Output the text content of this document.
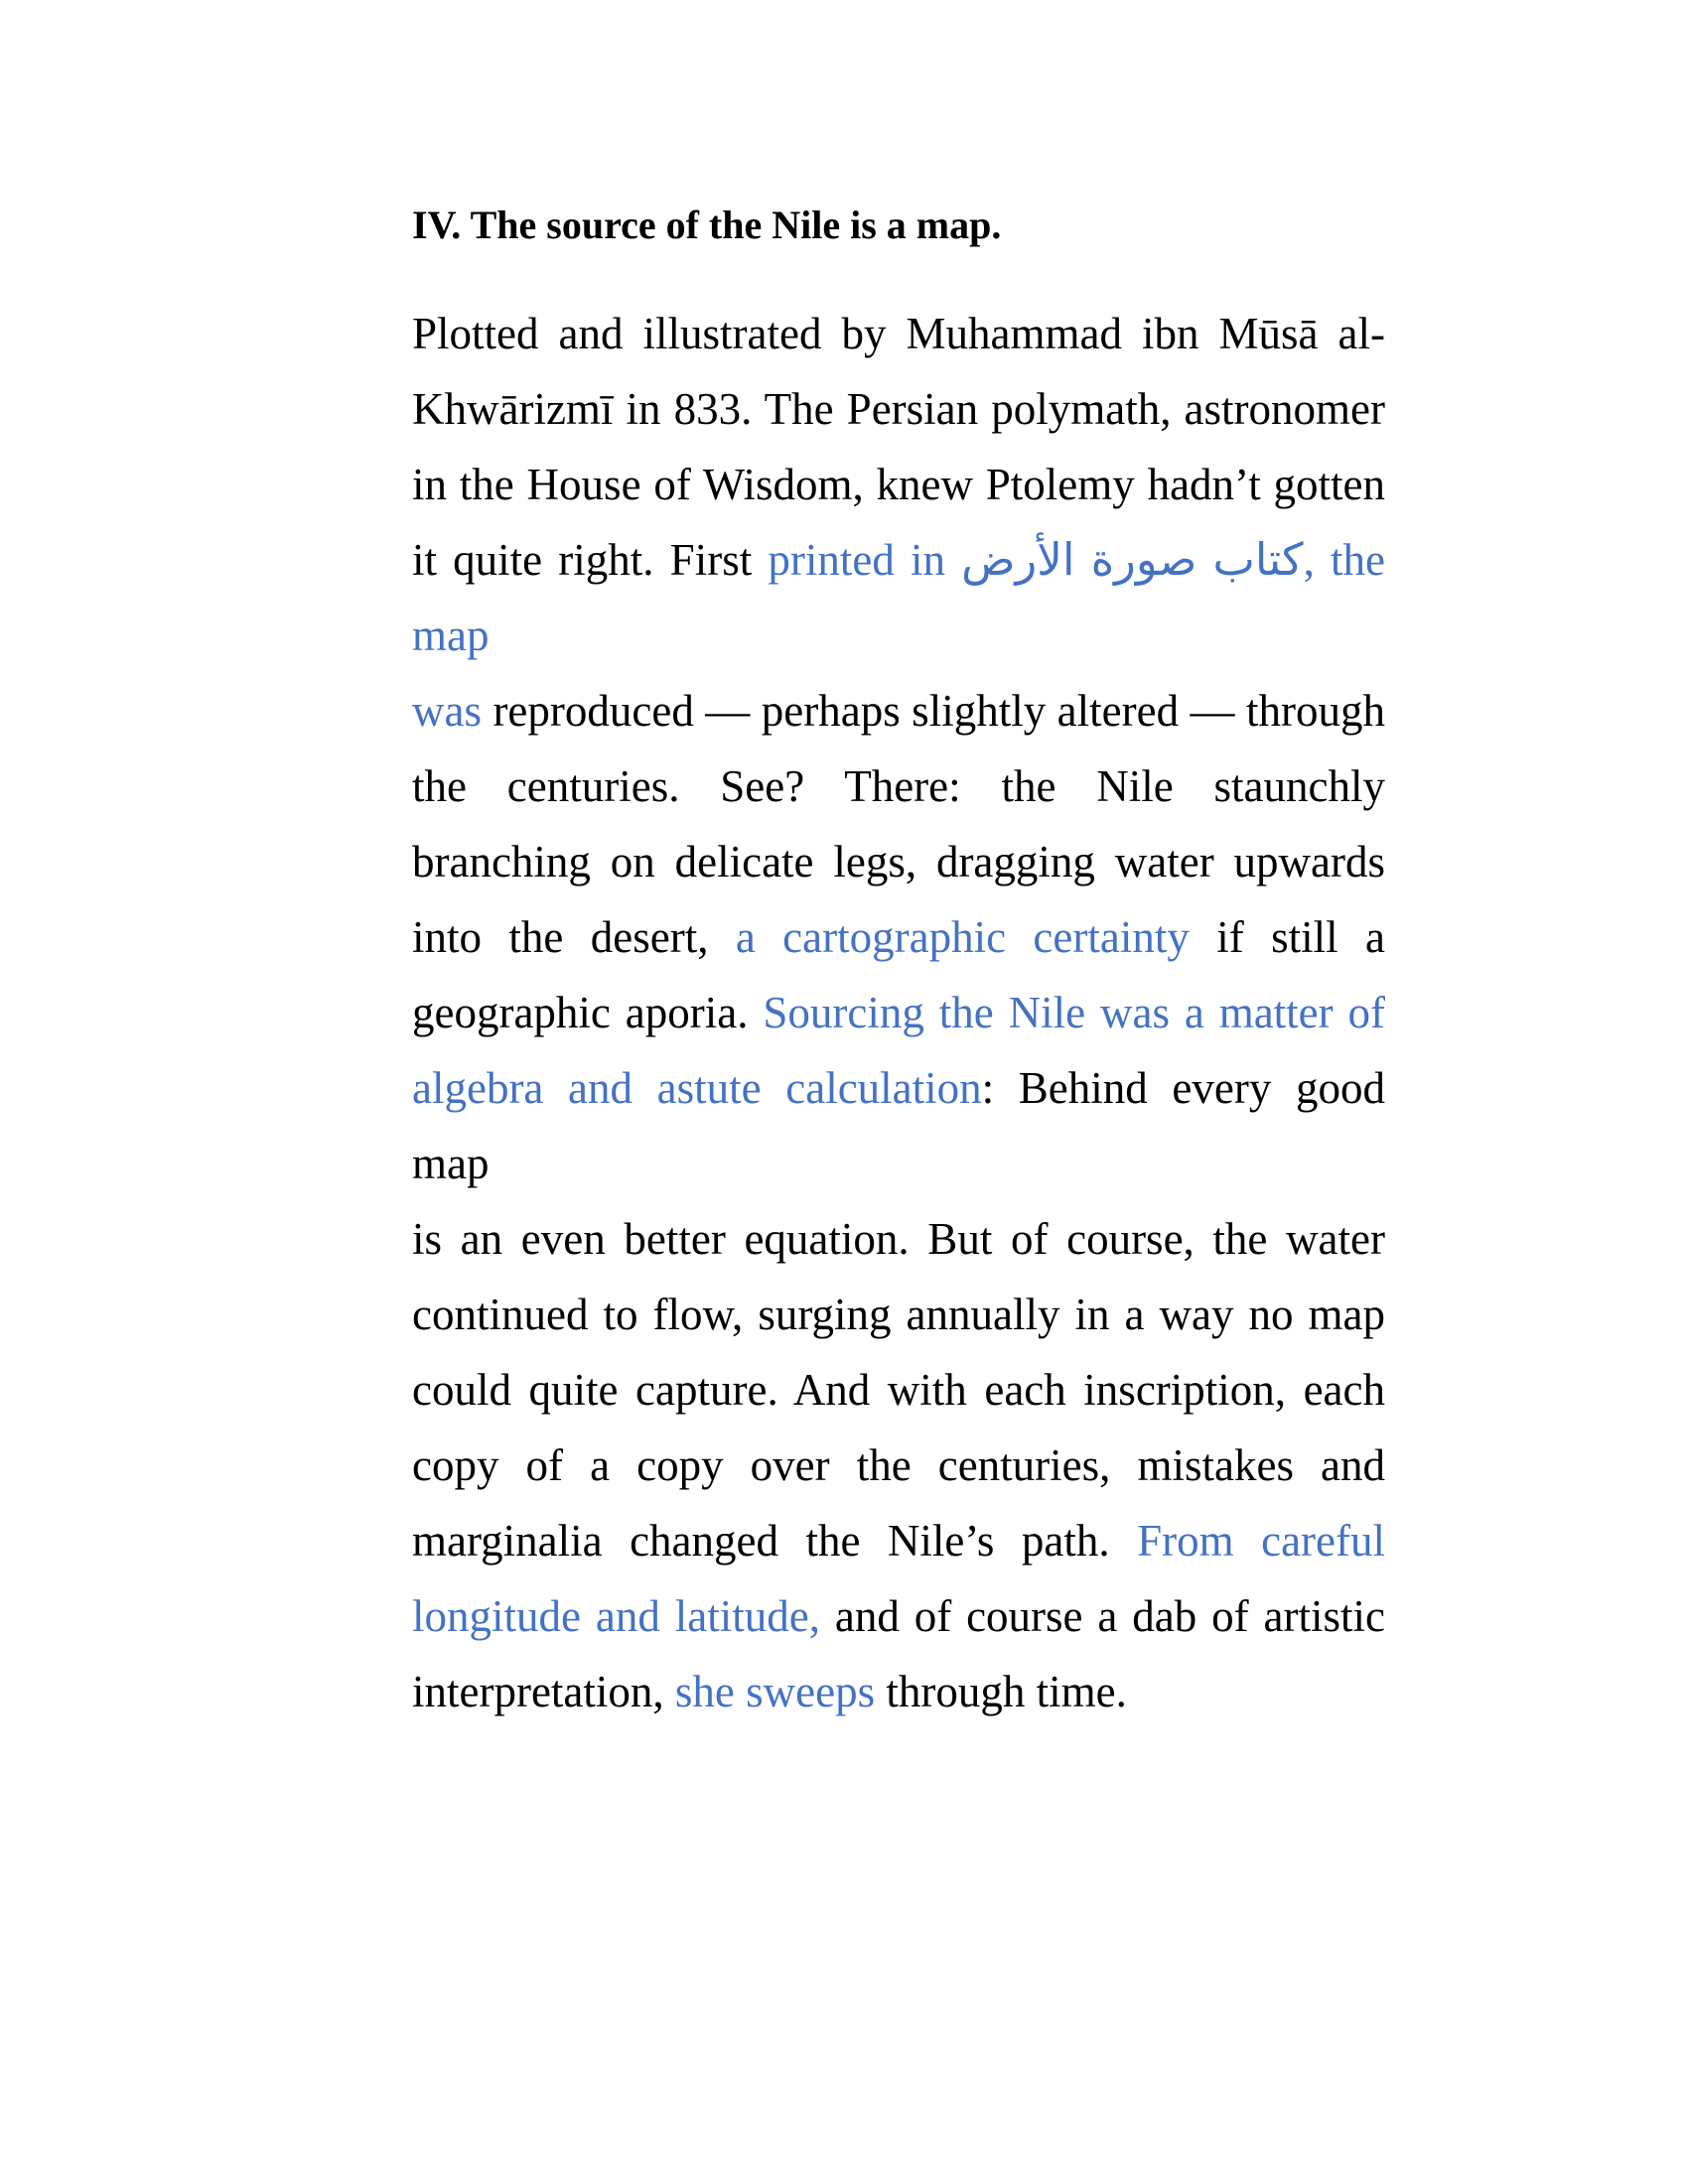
IV. The source of the Nile is a map.
Plotted and illustrated by Muhammad ibn Mūsā al-
Khwārizmī in 833. The Persian polymath, astronomer
in the House of Wisdom, knew Ptolemy hadn’t gotten
it quite right. First printed in كتاب صورة الأرض, the map
was reproduced — perhaps slightly altered — through
the centuries. See? There: the Nile staunchly
branching on delicate legs, dragging water upwards
into the desert, a cartographic certainty if still a
geographic aporia. Sourcing the Nile was a matter of
algebra and astute calculation: Behind every good map
is an even better equation. But of course, the water
continued to flow, surging annually in a way no map
could quite capture. And with each inscription, each
copy of a copy over the centuries, mistakes and
marginalia changed the Nile’s path. From careful
longitude and latitude, and of course a dab of artistic
interpretation, she sweeps through time.
